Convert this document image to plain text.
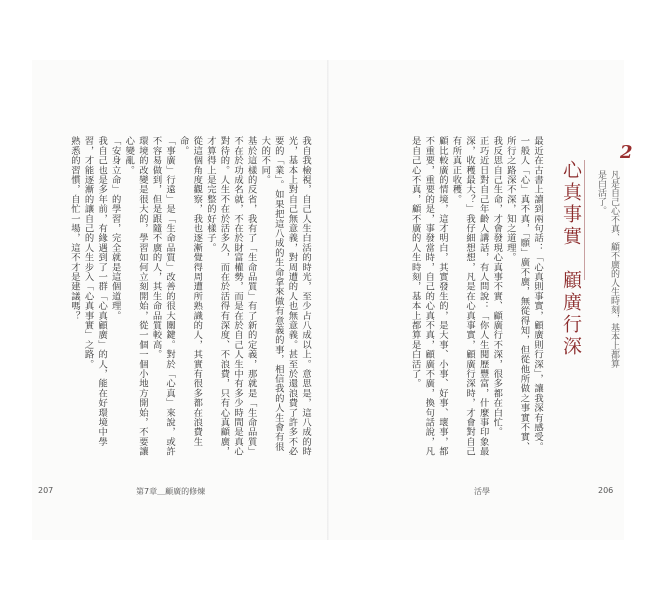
我自我檢視，自己人生白活的時光，至少占八成以上。意思是，這八成的時光，基本上對自己無意義，對周遭的人也無意義。甚至於還浪費了許多不必要的「業」。如果把這八成的生命拿來做有意義的事，相信我的人生會有很大的不同。
基於這樣的反省，我有了「生命品質」有了新的定義，那就是「生命品質」不在於功成名就，不在於財富權勢，而是在於自己人生中有多少時間是真心對待的。人生不在於活多久，而在於活得有深度、不浪費，只有心真顧廣，才算得上是完整的好樣子。
從這個角度觀察，我也逐漸覺得周遭所熟識的人，其實有很多都在浪費生命。
「事廣」行遠」是「生命品質」改善的很大關鍵。對於「心真」來說，或許不容易做到，但是跟隨不廣的人，其生命品質較高。
環境的改變是很大的，學習如何立刻開始，從一個一個小地方開始，不要讓心變亂。
「安身立命」的學習，完全就是這個道理。
我自己也是多年前，有緣遇到了一群「心真顧廣」的人，能在好環境中學習，才能逐漸的讓自己的人生步入「心真事實」之路。
熟悉的習慣，自忙一場，這不才是建議嗎？
207	第7章＿顧廣的修煉
最近在古書上讀到兩句話：「心真則事實，顧廣則行深」，讓我深有感受。
一般人「心」真不真，「願」廣不廣，無從得知，但從他所做之事實不實、所行之路深不深，知之道理。
我反思自己生命，才會發現心真事不實、顧廣行不深，很多都在白忙。
正巧近日對自己年齡人講話，有人問說：「你人生閱歷豐富，什麼事印象最深，收穫最大？」我仔細想想，凡是在心真事實，顧廣行深時，才會對自己有所真正收穫。
顧比較廣的情境，這才明白，其實發生的，是大事、小事、好事、壞事，都不重要，重要的是，事發當時，自己的心真不真，顧廣不廣，換句話說，凡是自己心不真，顧不廣的人生時刻，基本上都算是白活了。	心真事實　顧廣行深	凡是自己心不真、顧不廣的人生時刻，基本上都算是白活了。
2
活學	206
